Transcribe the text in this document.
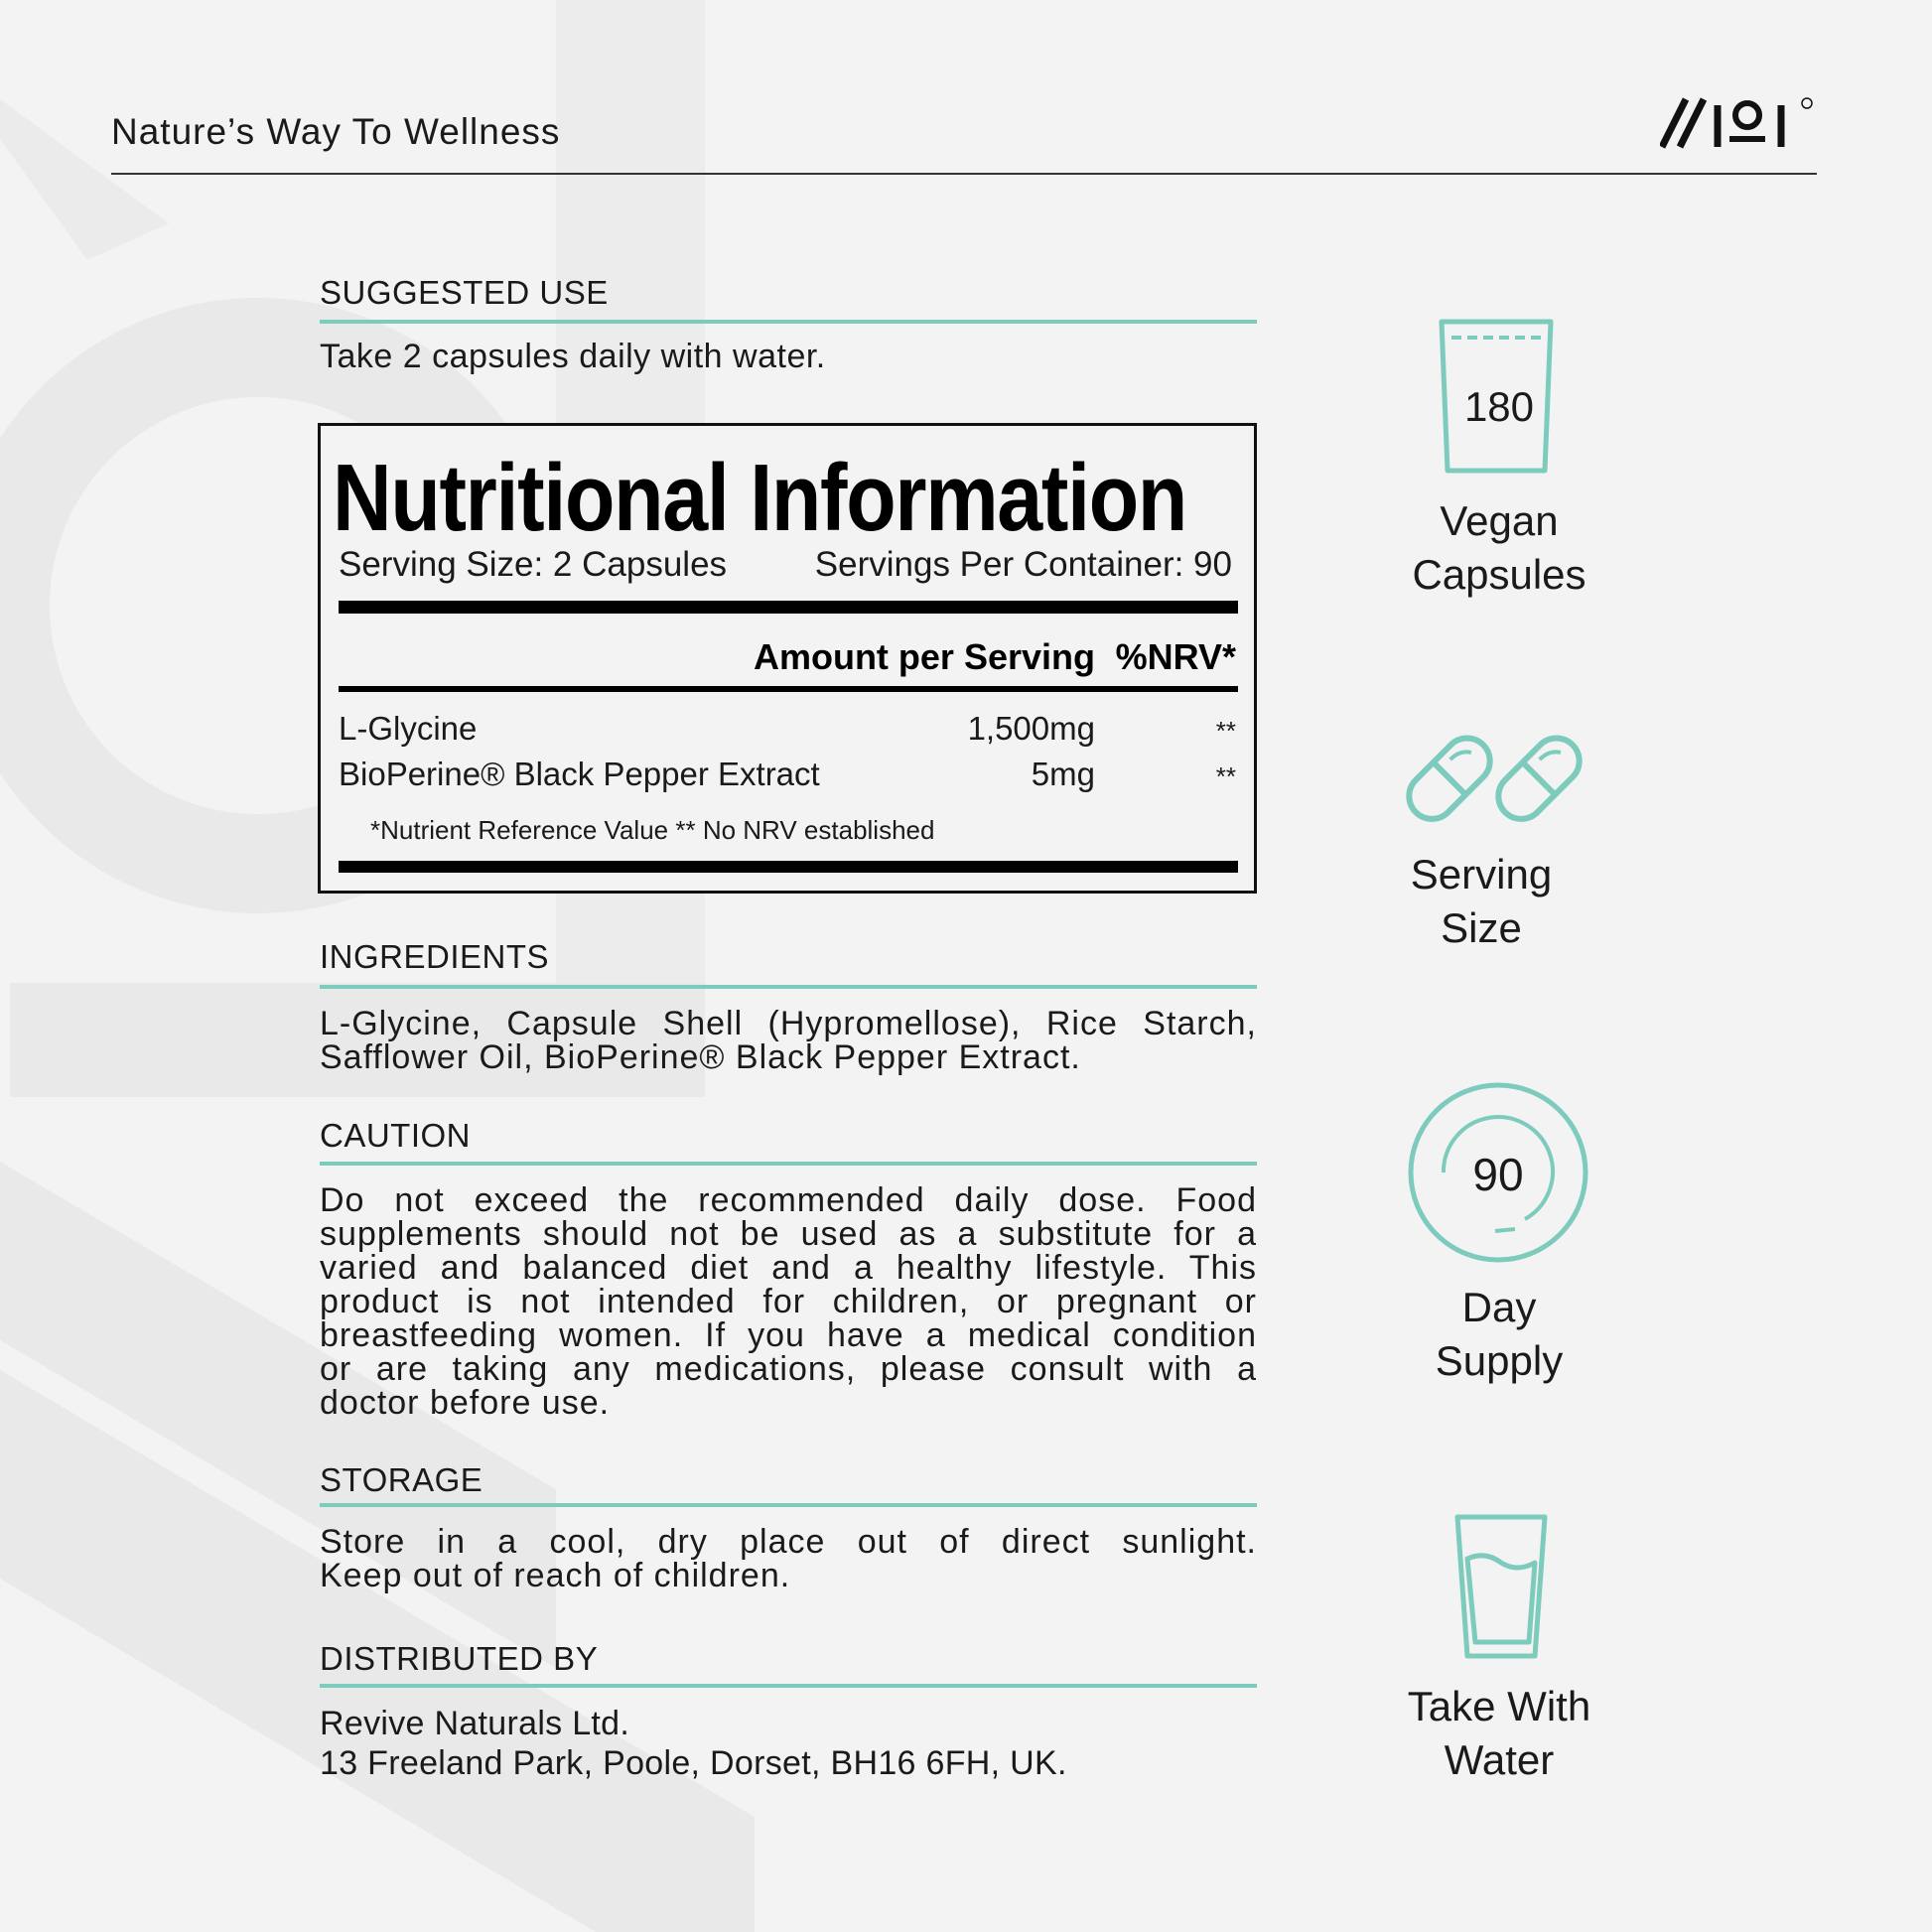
Nature’s Way To Wellness
SUGGESTED USE
Take 2 capsules daily with water.
Nutritional Information
Serving Size: 2 Capsules	Servings Per Container: 90
Amount per Serving %NRV*
L-Glycine	1,500mg	**
BioPerine® Black Pepper Extract	5mg	**
*Nutrient Reference Value ** No NRV established
INGREDIENTS
L-Glycine, Capsule Shell (Hypromellose), Rice Starch,
Safflower Oil, BioPerine® Black Pepper Extract.
CAUTION
Do not exceed the recommended daily dose. Food
supplements should not be used as a substitute for a
varied and balanced diet and a healthy lifestyle. This
product is not intended for children, or pregnant or
breastfeeding women. If you have a medical condition
or are taking any medications, please consult with a
doctor before use.
STORAGE
Store in a cool, dry place out of direct sunlight.
Keep out of reach of children.
DISTRIBUTED BY
Revive Naturals Ltd.
13 Freeland Park, Poole, Dorset, BH16 6FH, UK.
180
Vegan
Capsules
Serving
Size
90
Day
Supply
Take With
Water
